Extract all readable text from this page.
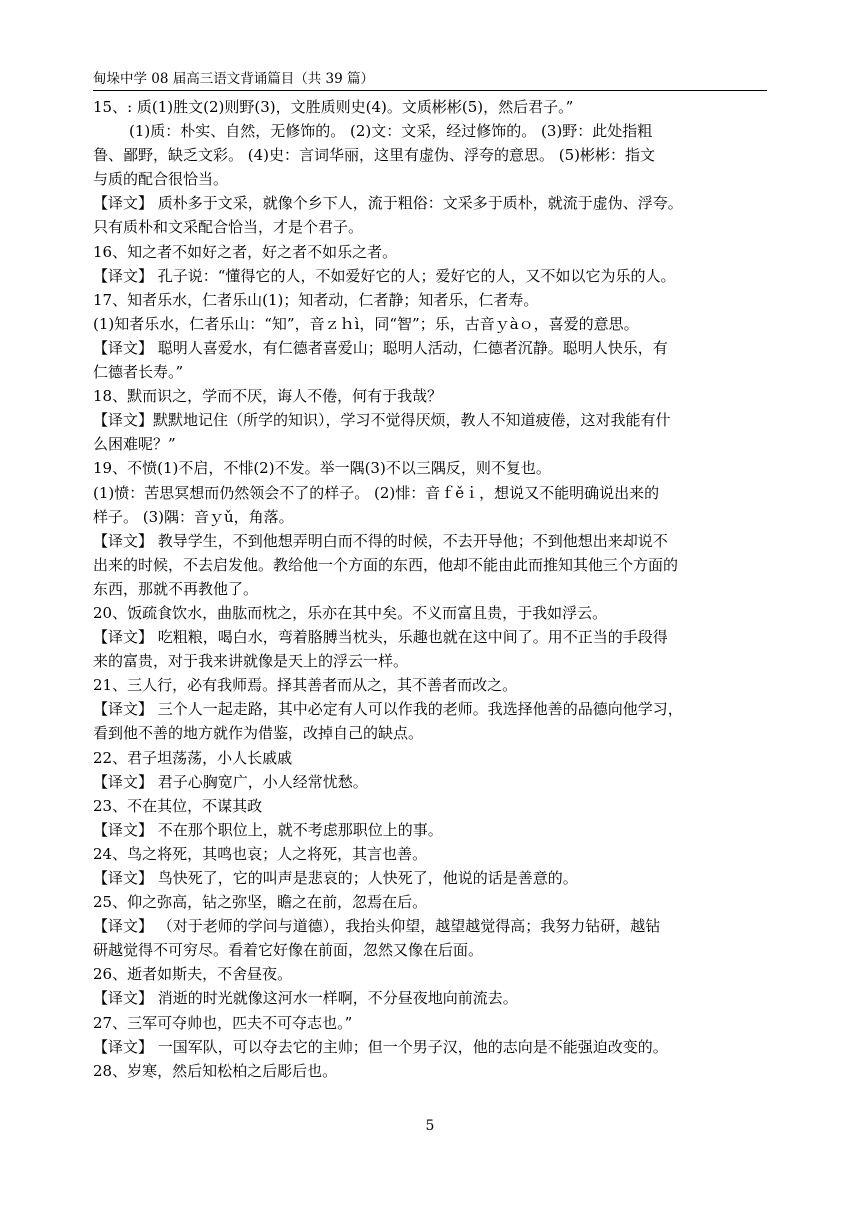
甸垛中学 08 届高三语文背诵篇目（共 39 篇）
15、: 质(1)胜文(2)则野(3)，文胜质则史(4)。文质彬彬(5)，然后君子。”
(1)质：朴实、自然，无修饰的。 (2)文：文采，经过修饰的。 (3)野：此处指粗
鲁、鄙野，缺乏文彩。 (4)史：言词华丽，这里有虚伪、浮夸的意思。 (5)彬彬：指文
与质的配合很恰当。
【译文】 质朴多于文采，就像个乡下人，流于粗俗：文采多于质朴，就流于虚伪、浮夸。
只有质朴和文采配合恰当，才是个君子。
16、知之者不如好之者，好之者不如乐之者。
【译文】 孔子说：“懂得它的人，不如爱好它的人；爱好它的人，又不如以它为乐的人。
17、知者乐水，仁者乐山(1)；知者动，仁者静；知者乐，仁者寿。
(1)知者乐水，仁者乐山：“知”，音ｚｈì，同“智”；乐，古音ｙàｏ，喜爱的意思。
【译文】 聪明人喜爱水，有仁德者喜爱山；聪明人活动，仁德者沉静。聪明人快乐，有
仁德者长寿。”
18、默而识之，学而不厌，诲人不倦，何有于我哉？
【译文】默默地记住（所学的知识），学习不觉得厌烦，教人不知道疲倦，这对我能有什
么困难呢？”
19、不愤(1)不启，不悱(2)不发。举一隅(3)不以三隅反，则不复也。
(1)愤：苦思冥想而仍然领会不了的样子。 (2)悱：音ｆěｉ，想说又不能明确说出来的
样子。 (3)隅：音ｙǔ，角落。
【译文】 教导学生，不到他想弄明白而不得的时候，不去开导他；不到他想出来却说不
出来的时候，不去启发他。教给他一个方面的东西，他却不能由此而推知其他三个方面的
东西，那就不再教他了。
20、饭疏食饮水，曲肱而枕之，乐亦在其中矣。不义而富且贵，于我如浮云。
【译文】 吃粗粮，喝白水，弯着胳膊当枕头，乐趣也就在这中间了。用不正当的手段得
来的富贵，对于我来讲就像是天上的浮云一样。
21、三人行，必有我师焉。择其善者而从之，其不善者而改之。
【译文】 三个人一起走路，其中必定有人可以作我的老师。我选择他善的品德向他学习，
看到他不善的地方就作为借鉴，改掉自己的缺点。
22、君子坦荡荡，小人长戚戚
【译文】 君子心胸宽广，小人经常忧愁。
23、不在其位，不谋其政
【译文】 不在那个职位上，就不考虑那职位上的事。
24、鸟之将死，其鸣也哀；人之将死，其言也善。
【译文】 鸟快死了，它的叫声是悲哀的；人快死了，他说的话是善意的。
25、仰之弥高，钻之弥坚，瞻之在前，忽焉在后。
【译文】 （对于老师的学问与道德），我抬头仰望，越望越觉得高；我努力钻研，越钻
研越觉得不可穷尽。看着它好像在前面，忽然又像在后面。
26、逝者如斯夫，不舍昼夜。
【译文】 消逝的时光就像这河水一样啊，不分昼夜地向前流去。
27、三军可夺帅也，匹夫不可夺志也。”
【译文】 一国军队，可以夺去它的主帅；但一个男子汉，他的志向是不能强迫改变的。
28、岁寒，然后知松柏之后彫后也。
5
